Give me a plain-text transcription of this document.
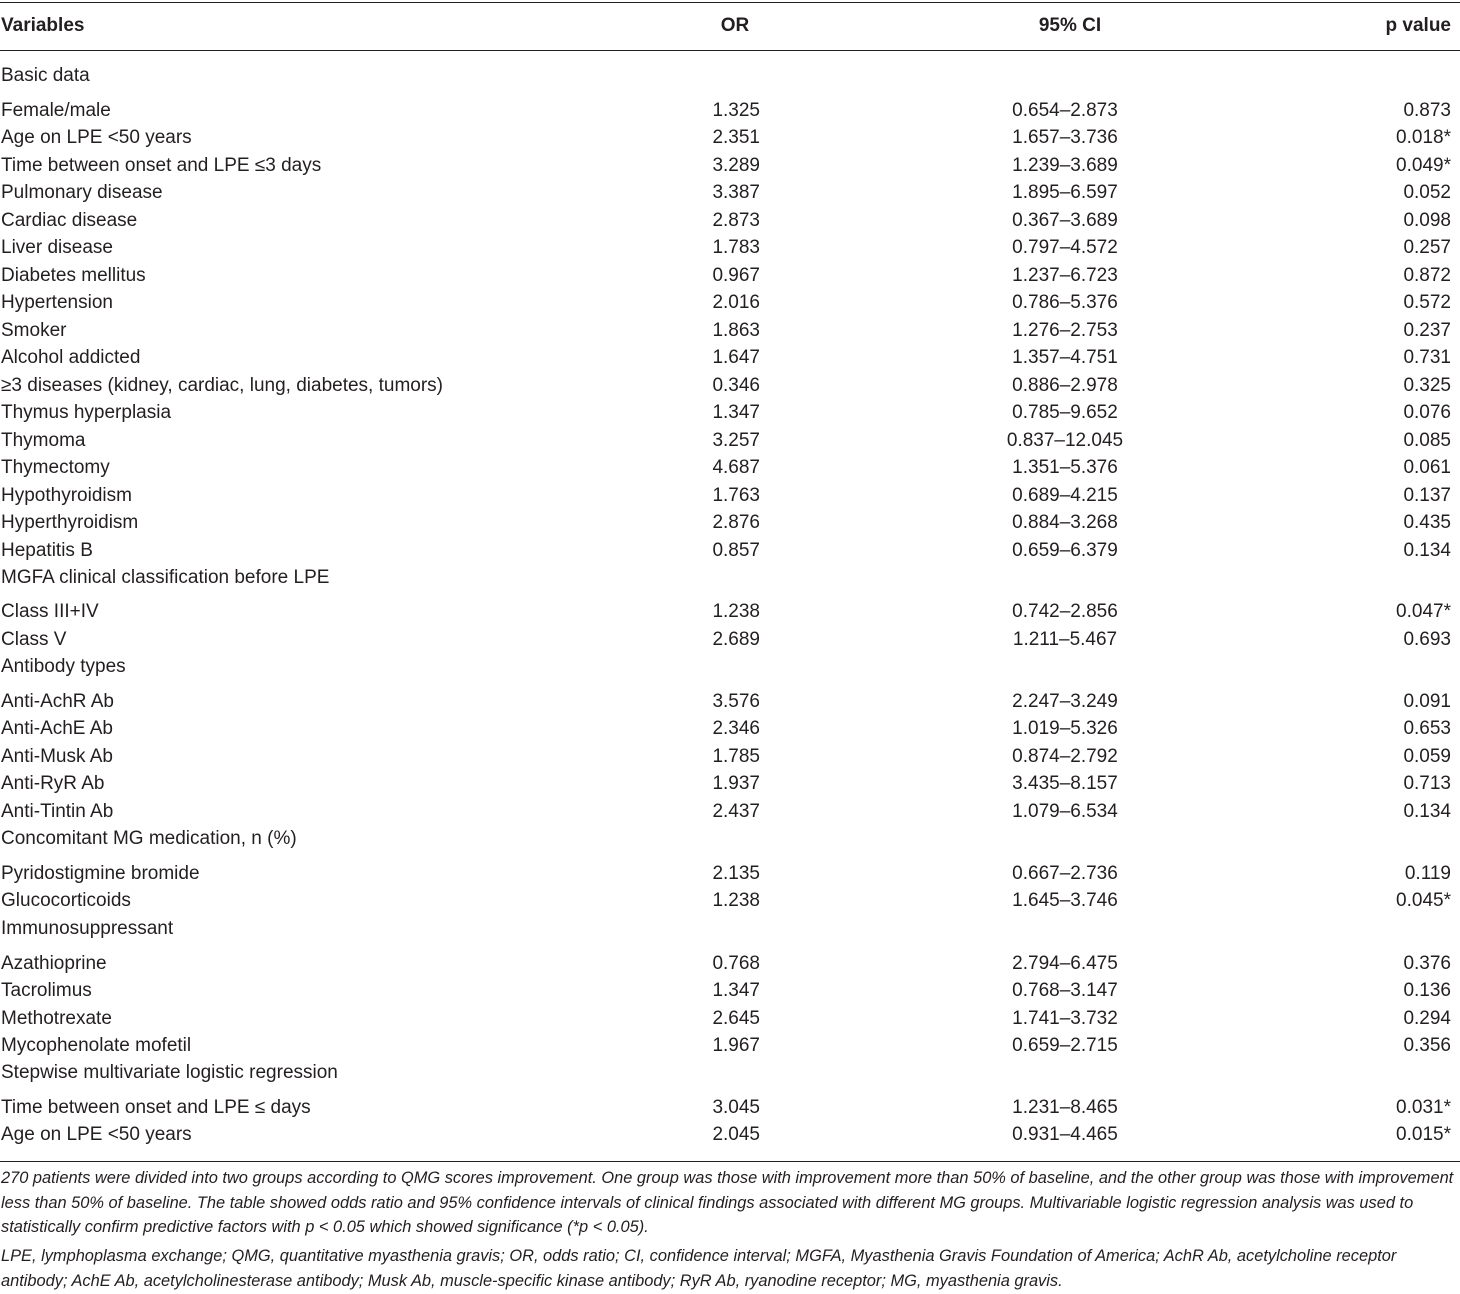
Variables	OR	95% CI	p value
Basic data
Female/male	1.325	0.654–2.873	0.873
Age on LPE <50 years	2.351	1.657–3.736	0.018*
Time between onset and LPE ≤3 days	3.289	1.239–3.689	0.049*
Pulmonary disease	3.387	1.895–6.597	0.052
Cardiac disease	2.873	0.367–3.689	0.098
Liver disease	1.783	0.797–4.572	0.257
Diabetes mellitus	0.967	1.237–6.723	0.872
Hypertension	2.016	0.786–5.376	0.572
Smoker	1.863	1.276–2.753	0.237
Alcohol addicted	1.647	1.357–4.751	0.731
≥3 diseases (kidney, cardiac, lung, diabetes, tumors)	0.346	0.886–2.978	0.325
Thymus hyperplasia	1.347	0.785–9.652	0.076
Thymoma	3.257	0.837–12.045	0.085
Thymectomy	4.687	1.351–5.376	0.061
Hypothyroidism	1.763	0.689–4.215	0.137
Hyperthyroidism	2.876	0.884–3.268	0.435
Hepatitis B	0.857	0.659–6.379	0.134
MGFA clinical classification before LPE
Class III+IV	1.238	0.742–2.856	0.047*
Class V	2.689	1.211–5.467	0.693
Antibody types
Anti-AchR Ab	3.576	2.247–3.249	0.091
Anti-AchE Ab	2.346	1.019–5.326	0.653
Anti-Musk Ab	1.785	0.874–2.792	0.059
Anti-RyR Ab	1.937	3.435–8.157	0.713
Anti-Tintin Ab	2.437	1.079–6.534	0.134
Concomitant MG medication, n (%)
Pyridostigmine bromide	2.135	0.667–2.736	0.119
Glucocorticoids	1.238	1.645–3.746	0.045*
Immunosuppressant
Azathioprine	0.768	2.794–6.475	0.376
Tacrolimus	1.347	0.768–3.147	0.136
Methotrexate	2.645	1.741–3.732	0.294
Mycophenolate mofetil	1.967	0.659–2.715	0.356
Stepwise multivariate logistic regression
Time between onset and LPE ≤ days	3.045	1.231–8.465	0.031*
Age on LPE <50 years	2.045	0.931–4.465	0.015*

270 patients were divided into two groups according to QMG scores improvement. One group was those with improvement more than 50% of baseline, and the other group was those with improvement less than 50% of baseline. The table showed odds ratio and 95% confidence intervals of clinical findings associated with different MG groups. Multivariable logistic regression analysis was used to statistically confirm predictive factors with p < 0.05 which showed significance (*p < 0.05).

LPE, lymphoplasma exchange; QMG, quantitative myasthenia gravis; OR, odds ratio; CI, confidence interval; MGFA, Myasthenia Gravis Foundation of America; AchR Ab, acetylcholine receptor antibody; AchE Ab, acetylcholinesterase antibody; Musk Ab, muscle-specific kinase antibody; RyR Ab, ryanodine receptor; MG, myasthenia gravis.
